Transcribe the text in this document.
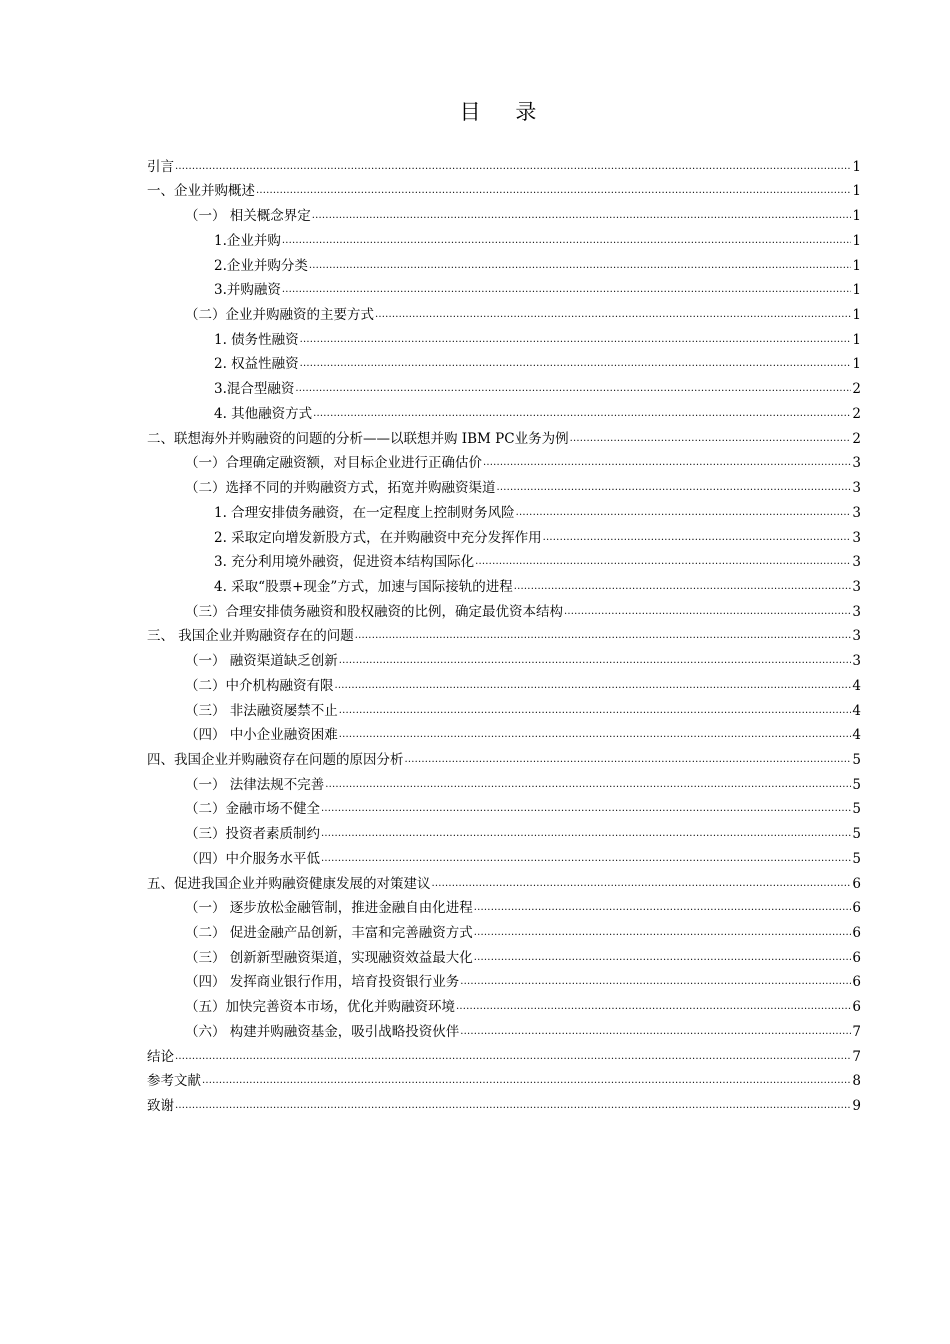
目 录
引言 .....	1
一、企业并购概述 .....	1
（一） 相关概念界定 .....	1
1.企业并购 .....	1
2.企业并购分类 .....	1
3.并购融资 .....	1
（二）企业并购融资的主要方式 .....	1
1. 债务性融资 .....	1
2. 权益性融资 .....	1
3.混合型融资 .....	2
4. 其他融资方式 .....	2
二、联想海外并购融资的问题的分析——以联想并购 IBM PC业务为例 .....	2
（一）合理确定融资额，对目标企业进行正确估价 .....	3
（二）选择不同的并购融资方式，拓宽并购融资渠道 .....	3
1. 合理安排债务融资，在一定程度上控制财务风险 .....	3
2. 采取定向增发新股方式，在并购融资中充分发挥作用 .....	3
3. 充分利用境外融资，促进资本结构国际化 .....	3
4. 采取“股票+现金”方式，加速与国际接轨的进程 .....	3
（三）合理安排债务融资和股权融资的比例，确定最优资本结构 .....	3
三、 我国企业并购融资存在的问题 .....	3
（一） 融资渠道缺乏创新 .....	3
（二）中介机构融资有限 .....	4
（三） 非法融资屡禁不止 .....	4
（四） 中小企业融资困难 .....	4
四、我国企业并购融资存在问题的原因分析 .....	5
（一） 法律法规不完善 .....	5
（二）金融市场不健全 .....	5
（三）投资者素质制约 .....	5
（四）中介服务水平低 .....	5
五、促进我国企业并购融资健康发展的对策建议 .....	6
（一） 逐步放松金融管制，推进金融自由化进程 .....	6
（二） 促进金融产品创新，丰富和完善融资方式 .....	6
（三） 创新新型融资渠道，实现融资效益最大化 .....	6
（四） 发挥商业银行作用，培育投资银行业务 .....	6
（五）加快完善资本市场，优化并购融资环境 .....	6
（六） 构建并购融资基金，吸引战略投资伙伴 .....	7
结论 .....	7
参考文献 .....	8
致谢 .....	9
